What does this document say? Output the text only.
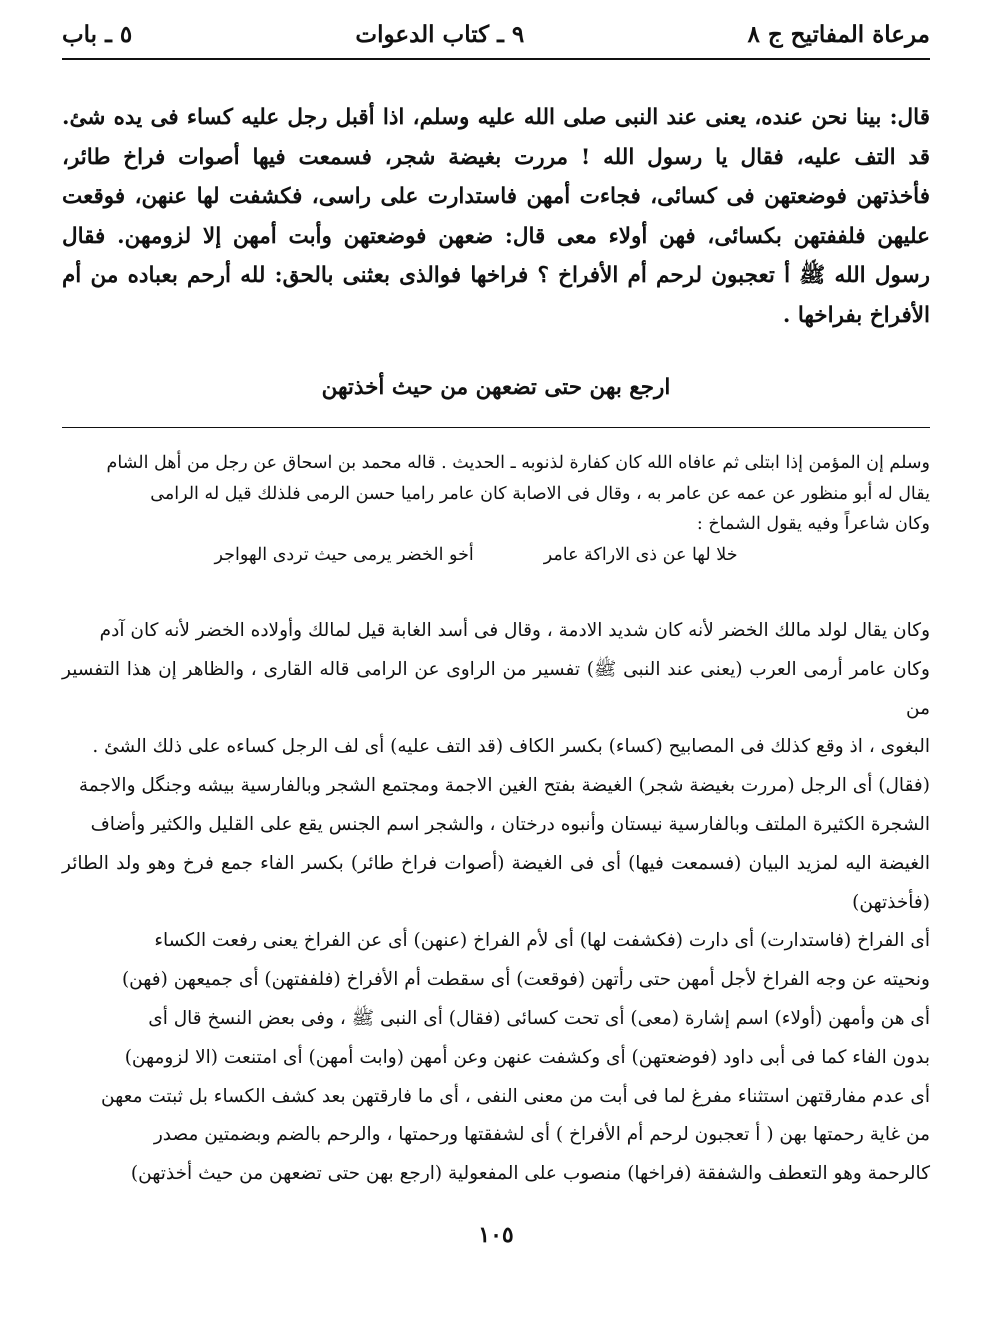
مرعاة المفاتيح ج ٨
٩ ـ كتاب الدعوات
٥ ـ باب
قال: بينا نحن عنده، يعنى عند النبى صلى الله عليه وسلم، اذا أقبل رجل عليه كساء فى يده شئ. قد التف عليه، فقال يا رسول الله ! مررت بغيضة شجر، فسمعت فيها أصوات فراخ طائر، فأخذتهن فوضعتهن فى كسائى، فجاءت أمهن فاستدارت على راسى، فكشفت لها عنهن، فوقعت عليهن فلففتهن بكسائى، فهن أولاء معى قال: ضعهن فوضعتهن وأبت أمهن إلا لزومهن. فقال رسول الله ﷺ أ تعجبون لرحم أم الأفراخ ؟ فراخها فوالذى بعثنى بالحق: لله أرحم بعباده من أم الأفراخ بفراخها .
ارجع بهن حتى تضعهن من حيث أخذتهن

وسلم إن المؤمن إذا ابتلى ثم عافاه الله كان كفارة لذنوبه ـ الحديث . قاله محمد بن اسحاق عن رجل من أهل الشام

يقال له أبو منظور عن عمه عن عامر به ، وقال فى الاصابة كان عامر راميا حسن الرمى فلذلك قيل له الرامى

وكان شاعراً وفيه يقول الشماخ :

خلا لها عن ذى الاراكة عامر
أخو الخضر يرمى حيث تردى الهواجر

وكان يقال لولد مالك الخضر لأنه كان شديد الادمة ، وقال فى أسد الغابة قيل لمالك وأولاده الخضر لأنه كان آدم

وكان عامر أرمى العرب (يعنى عند النبى ﷺ) تفسير من الراوى عن الرامى قاله القارى ، والظاهر إن هذا التفسير من

البغوى ، اذ وقع كذلك فى المصابيح (كساء) بكسر الكاف (قد التف عليه) أى لف الرجل كساءه على ذلك الشئ .

(فقال) أى الرجل (مررت بغيضة شجر) الغيضة بفتح الغين الاجمة ومجتمع الشجر وبالفارسية بيشه وجنگل والاجمة

الشجرة الكثيرة الملتف وبالفارسية نيستان وأنبوه درختان ، والشجر اسم الجنس يقع على القليل والكثير وأضاف

الغيضة اليه لمزيد البيان (فسمعت فيها) أى فى الغيضة (أصوات فراخ طائر) بكسر الفاء جمع فرخ وهو ولد الطائر (فأخذتهن)

أى الفراخ (فاستدارت) أى دارت (فكشفت لها) أى لأم الفراخ (عنهن) أى عن الفراخ يعنى رفعت الكساء

ونحيته عن وجه الفراخ لأجل أمهن حتى رأتهن (فوقعت) أى سقطت أم الأفراخ (فلففتهن) أى جميعهن (فهن)

أى هن وأمهن (أولاء) اسم إشارة (معى) أى تحت كسائى (فقال) أى النبى ﷺ ، وفى بعض النسخ قال أى

بدون الفاء كما فى أبى داود (فوضعتهن) أى وكشفت عنهن وعن أمهن (وابت أمهن) أى امتنعت (الا لزومهن)

أى عدم مفارقتهن استثناء مفرغ لما فى أبت من معنى النفى ، أى ما فارقتهن بعد كشف الكساء بل ثبتت معهن

من غاية رحمتها بهن ( أ تعجبون لرحم أم الأفراخ ) أى لشفقتها ورحمتها ، والرحم بالضم وبضمتين مصدر

كالرحمة وهو التعطف والشفقة (فراخها) منصوب على المفعولية (ارجع بهن حتى تضعهن من حيث أخذتهن)

١٠٥
